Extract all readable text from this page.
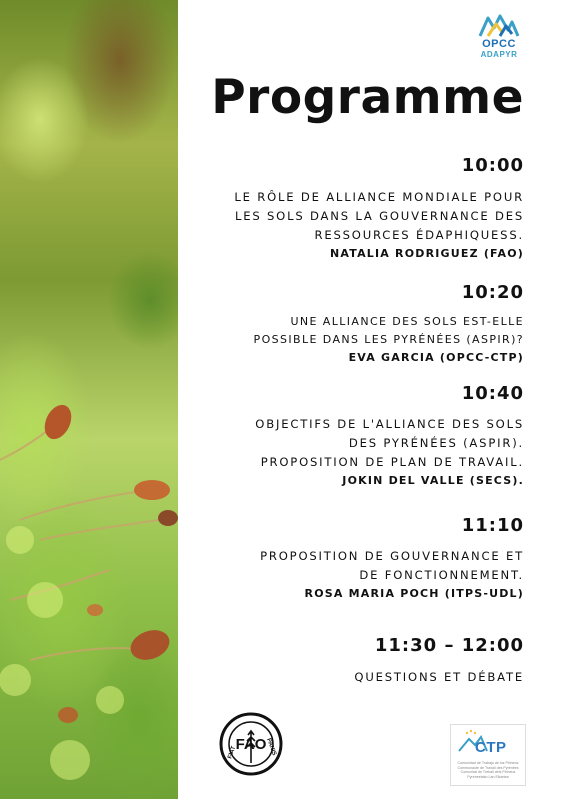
OPCC
ADAPYR
Programme
10:00
LE RÔLE DE ALLIANCE MONDIALE POUR
LES SOLS DANS LA GOUVERNANCE DES
RESSOURCES ÉDAPHIQUESS.
NATALIA RODRIGUEZ (FAO)
10:20
UNE ALLIANCE DES SOLS EST-ELLE
POSSIBLE DANS LES PYRÉNÉES (ASPIR)?
EVA GARCIA (OPCC-CTP)
10:40
OBJECTIFS DE L'ALLIANCE DES SOLS
DES PYRÉNÉES (ASPIR).
PROPOSITION DE PLAN DE TRAVAIL.
JOKIN DEL VALLE (SECS).
11:10
PROPOSITION DE GOUVERNANCE ET
DE FONCTIONNEMENT.
ROSA MARIA POCH (ITPS-UDL)
11:30 – 12:00
QUESTIONS ET DÉBATE
FAO
FIAT	PANIS	CTP
Comunidad de Trabajo de los Pirineos
Communauté de Travail des Pyrénées
Comunitat de Treball dels Pirineus
Pyreneetako Lan Elkartea
